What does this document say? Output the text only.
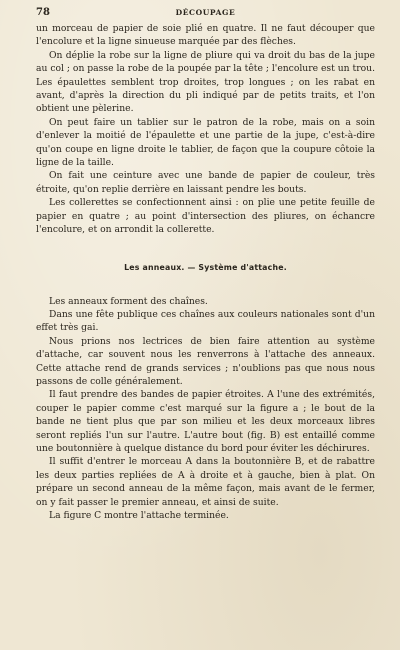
78	DÉCOUPAGE

un morceau de papier de soie plié en quatre. Il ne faut découper que l'encolure et la ligne sinueuse marquée par des flèches.

On déplie la robe sur la ligne de pliure qui va droit du bas de la jupe au col ; on passe la robe de la poupée par la tête ; l'encolure est un trou. Les épaulettes semblent trop droites, trop longues ; on les rabat en avant, d'après la direction du pli indiqué par de petits traits, et l'on obtient une pèlerine.

On peut faire un tablier sur le patron de la robe, mais on a soin d'enlever la moitié de l'épaulette et une partie de la jupe, c'est-à-dire qu'on coupe en ligne droite le tablier, de façon que la coupure côtoie la ligne de la taille.

On fait une ceinture avec une bande de papier de couleur, très étroite, qu'on replie derrière en laissant pendre les bouts.

Les collerettes se confectionnent ainsi : on plie une petite feuille de papier en quatre ; au point d'intersection des pliures, on échancre l'encolure, et on arrondit la collerette.

Les anneaux. — Système d'attache.

Les anneaux forment des chaînes.

Dans une fête publique ces chaînes aux couleurs nationales sont d'un effet très gai.

Nous prions nos lectrices de bien faire attention au système d'attache, car souvent nous les renverrons à l'attache des anneaux. Cette attache rend de grands services ; n'oublions pas que nous nous passons de colle généralement.

Il faut prendre des bandes de papier étroites. A l'une des extrémités, couper le papier comme c'est marqué sur la figure a ; le bout de la bande ne tient plus que par son milieu et les deux morceaux libres seront repliés l'un sur l'autre. L'autre bout (fig. B) est entaillé comme une boutonnière à quelque distance du bord pour éviter les déchirures.

Il suffit d'entrer le morceau A dans la boutonnière B, et de rabattre les deux parties repliées de A à droite et à gauche, bien à plat. On prépare un second anneau de la même façon, mais avant de le fermer, on y fait passer le premier anneau, et ainsi de suite.

La figure C montre l'attache terminée.
